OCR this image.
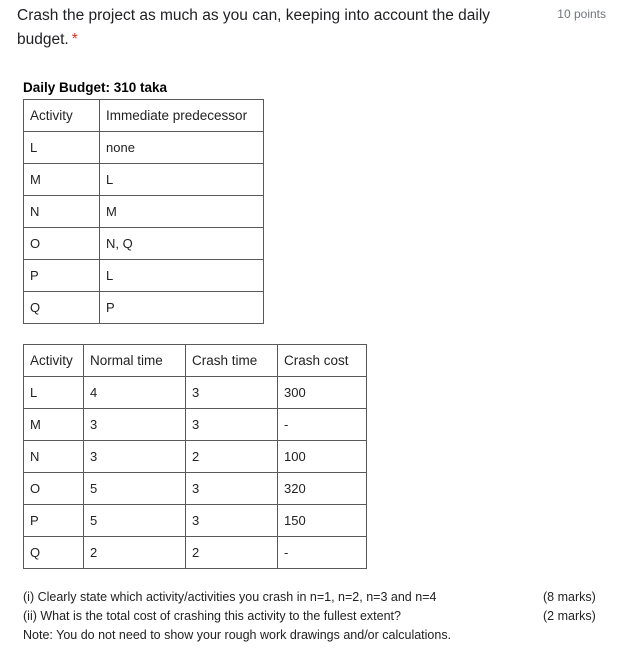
Crash the project as much as you can, keeping into account the daily budget. *

10 points
Daily Budget: 310 taka
Activity	Immediate predecessor
L	none
M	L
N	M
O	N, Q
P	L
Q	P
Activity	Normal time	Crash time	Crash cost
L	4	3	300
M	3	3	-
N	3	2	100
O	5	3	320
P	5	3	150
Q	2	2	-
(i) Clearly state which activity/activities you crash in n=1, n=2, n=3 and n=4	(8 marks)
(ii) What is the total cost of crashing this activity to the fullest extent?	(2 marks)
Note: You do not need to show your rough work drawings and/or calculations.
